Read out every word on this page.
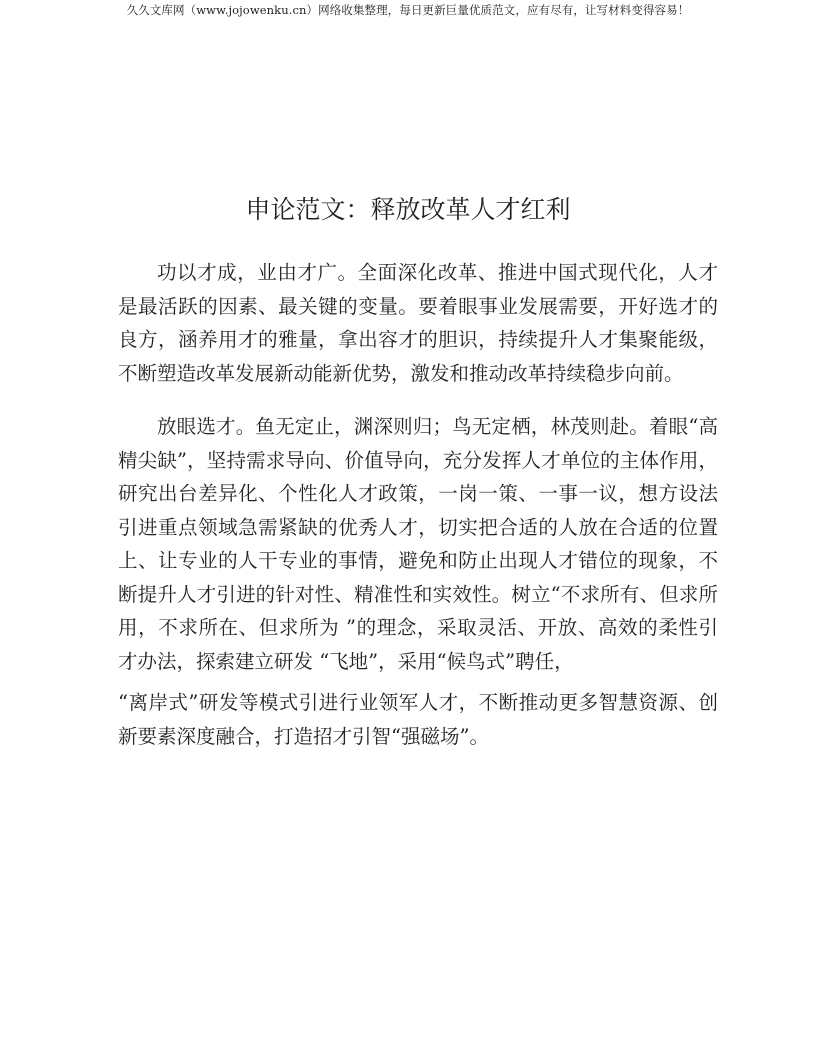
久久文库网（www.jojowenku.cn）网络收集整理，每日更新巨量优质范文，应有尽有，让写材料变得容易！
申论范文：释放改革人才红利

功以才成，业由才广。全面深化改革、推进中国式现代化，人才是最活跃的因素、最关键的变量。要着眼事业发展需要，开好选才的良方，涵养用才的雅量，拿出容才的胆识，持续提升人才集聚能级，不断塑造改革发展新动能新优势，激发和推动改革持续稳步向前。

放眼选才。鱼无定止，渊深则归；鸟无定栖，林茂则赴。着眼“高精尖缺”，坚持需求导向、价值导向，充分发挥人才单位的主体作用，研究出台差异化、个性化人才政策，一岗一策、一事一议，想方设法引进重点领域急需紧缺的优秀人才，切实把合适的人放在合适的位置上、让专业的人干专业的事情，避免和防止出现人才错位的现象，不断提升人才引进的针对性、精准性和实效性。树立“不求所有、但求所用，不求所在、但求所为 ”的理念，采取灵活、开放、高效的柔性引才办法，探索建立研发 “飞地”，采用“候鸟式”聘任，

“离岸式”研发等模式引进行业领军人才，不断推动更多智慧资源、创新要素深度融合，打造招才引智“强磁场”。
